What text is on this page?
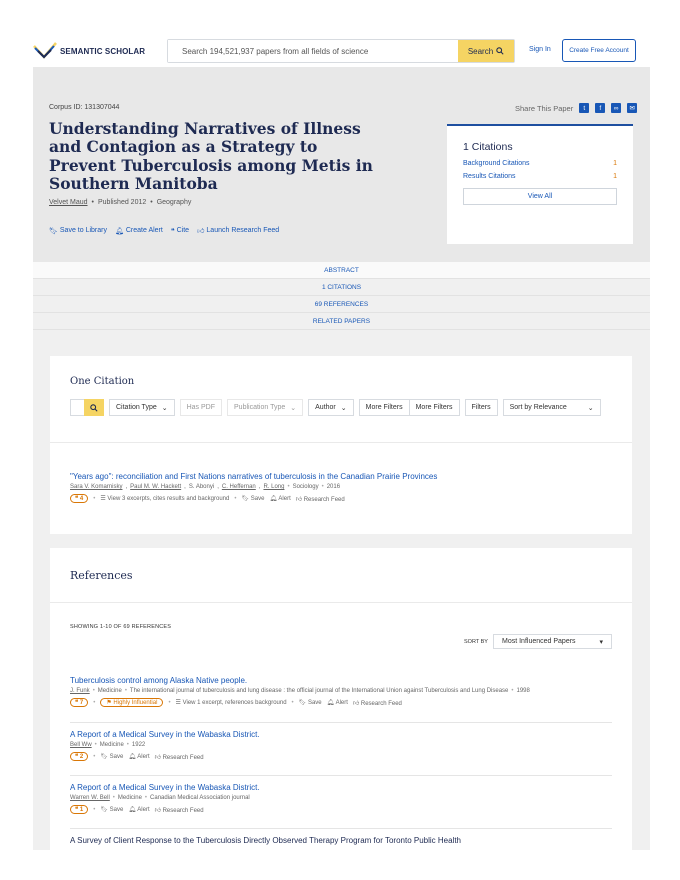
SEMANTIC SCHOLAR
Search 194,521,937 papers from all fields of science	Search	Sign In	Create Free Account
Corpus ID: 131307044	Share This Paper	t	f	∞	✉
Understanding Narratives of Illness and Contagion as a Strategy to Prevent Tuberculosis among Metis in Southern Manitoba
Velvet Maud • Published 2012 • Geography
🔖︎ Save to Library 🔔︎ Create Alert ❝ Cite 👍︎ Launch Research Feed
1 Citations
Background Citations	1
Results Citations	1
View All
ABSTRACT
1 CITATIONS
69 REFERENCES
RELATED PAPERS
One Citation
Citation Type ⌄	Has PDF	Publication Type ⌄	Author ⌄	More Filters More Filters	Filters	Sort by Relevance	⌄
"Years ago": reconciliation and First Nations narratives of tuberculosis in the Canadian Prairie Provinces
Sara V. Komarnisky , Paul M. W. Hackett , S. Abonyi , C. Heffernan , R. Long • Sociology • 2016
❝ 4 • ☰ View 3 excerpts, cites results and background • 🔖︎ Save 🔔︎ Alert 👍︎ Research Feed
References
SHOWING 1-10 OF 69 REFERENCES
SORT BY Most Influenced Papers	▾
Tuberculosis control among Alaska Native people.
J. Funk • Medicine • The international journal of tuberculosis and lung disease : the official journal of the International Union against Tuberculosis and Lung Disease • 1998
❝ 7 • ⚑ Highly Influential • ☰ View 1 excerpt, references background • 🔖︎ Save 🔔︎ Alert 👍︎ Research Feed
A Report of a Medical Survey in the Wabaska District.
Bell Ww • Medicine • 1922
❝ 2 • 🔖︎ Save 🔔︎ Alert 👍︎ Research Feed
A Report of a Medical Survey in the Wabaska District.
Warren W. Bell • Medicine • Canadian Medical Association journal
❝ 1 • 🔖︎ Save 🔔︎ Alert 👍︎ Research Feed
A Survey of Client Response to the Tuberculosis Directly Observed Therapy Program for Toronto Public Health
